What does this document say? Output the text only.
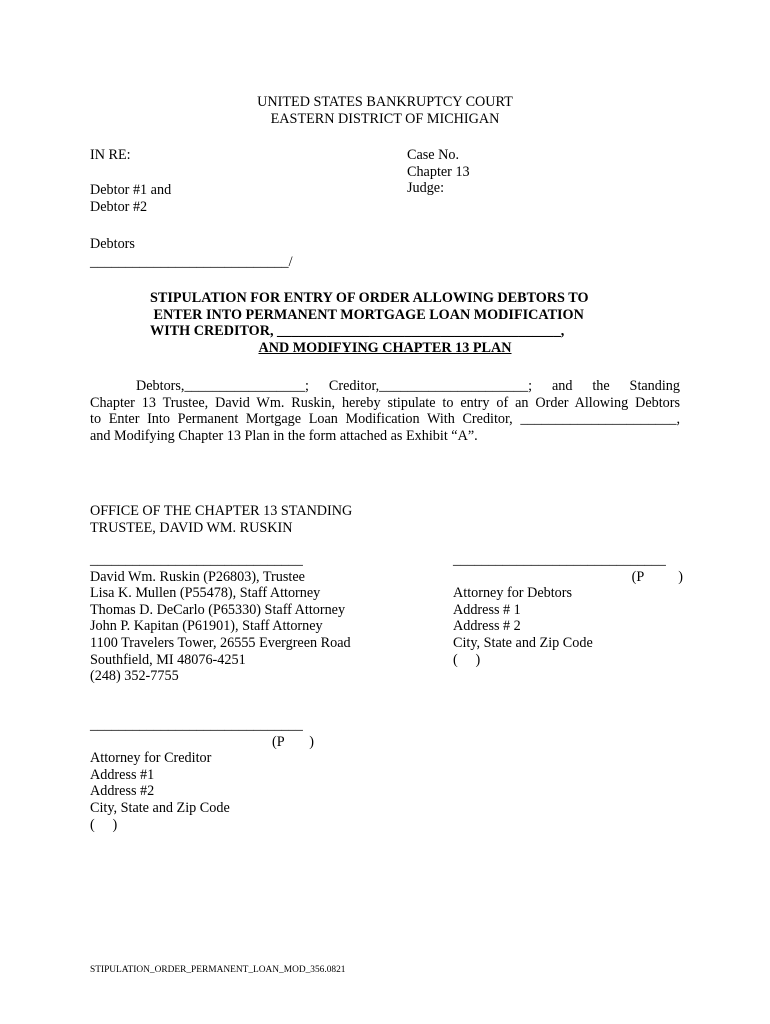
UNITED STATES BANKRUPTCY COURT
EASTERN DISTRICT OF MICHIGAN
IN RE:	Case No.
Chapter 13
Judge:
Debtor #1 and
Debtor #2
Debtors
____________________________/
STIPULATION FOR ENTRY OF ORDER ALLOWING DEBTORS TO
ENTER INTO PERMANENT MORTGAGE LOAN MODIFICATION
WITH CREDITOR, ________________________________________,
AND MODIFYING CHAPTER 13 PLAN
Debtors,_________________; Creditor,_____________________; and the Standing
Chapter 13 Trustee, David Wm. Ruskin, hereby stipulate to entry of an Order Allowing Debtors
to Enter Into Permanent Mortgage Loan Modification With Creditor, ______________________,
and Modifying Chapter 13 Plan in the form attached as Exhibit “A”.
OFFICE OF THE CHAPTER 13 STANDING
TRUSTEE, DAVID WM. RUSKIN
______________________________
David Wm. Ruskin (P26803), Trustee
Lisa K. Mullen (P55478), Staff Attorney
Thomas D. DeCarlo (P65330) Staff Attorney
John P. Kapitan (P61901), Staff Attorney
1100 Travelers Tower, 26555 Evergreen Road
Southfield, MI 48076-4251
(248) 352-7755
______________________________
(P )
Attorney for Debtors
Address # 1
Address # 2
City, State and Zip Code
(     )
______________________________
(P )
Attorney for Creditor
Address #1
Address #2
City, State and Zip Code
(     )
STIPULATION_ORDER_PERMANENT_LOAN_MOD_356.0821
